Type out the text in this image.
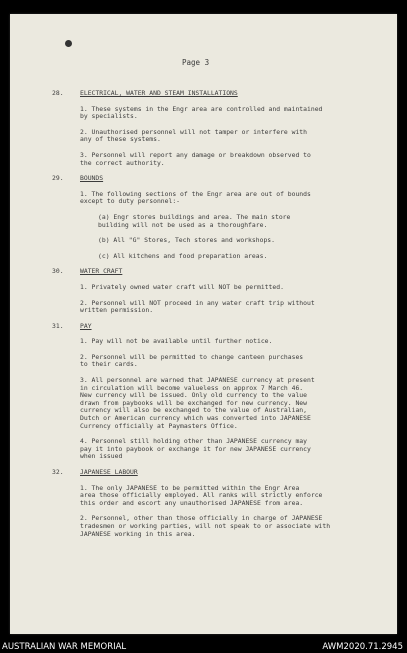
Page 3
28.	ELECTRICAL, WATER AND STEAM INSTALLATIONS
1. These systems in the Engr area are controlled and maintained
by specialists.
2. Unauthorised personnel will not tamper or interfere with
any of these systems.
3. Personnel will report any damage or breakdown observed to
the correct authority.
29.	BOUNDS
1. The following sections of the Engr area are out of bounds
except to duty personnel:-
(a) Engr stores buildings and area. The main store
building will not be used as a thoroughfare.
(b) All "G" Stores, Tech stores and workshops.
(c) All kitchens and food preparation areas.
30.	WATER CRAFT
1. Privately owned water craft will NOT be permitted.
2. Personnel will NOT proceed in any water craft trip without
written permission.
31.	PAY
1. Pay will not be available until further notice.
2. Personnel will be permitted to change canteen purchases
to their cards.
3. All personnel are warned that JAPANESE currency at present
in circulation will become valueless on approx 7 March 46.
New currency will be issued. Only old currency to the value
drawn from paybooks will be exchanged for new currency. New
currency will also be exchanged to the value of Australian,
Dutch or American currency which was converted into JAPANESE
Currency officially at Paymasters Office.
4. Personnel still holding other than JAPANESE currency may
pay it into paybook or exchange it for new JAPANESE currency
when issued
32.	JAPANESE LABOUR
1. The only JAPANESE to be permitted within the Engr Area
area those officially employed. All ranks will strictly enforce
this order and escort any unauthorised JAPANESE from area.
2. Personnel, other than those officially in charge of JAPANESE
tradesmen or working parties, will not speak to or associate with
JAPANESE working in this area.
AUSTRALIAN WAR MEMORIAL	AWM2020.71.2945
